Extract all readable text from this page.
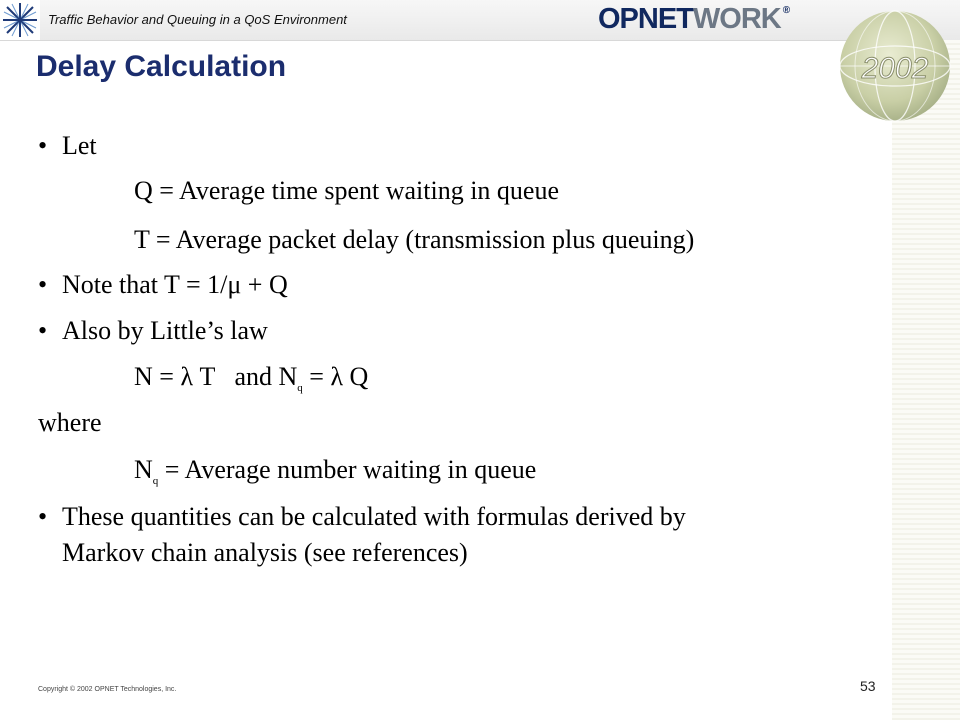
Traffic Behavior and Queuing in a QoS Environment	OPNET WORK ®
2002
Delay Calculation
• Let
Q = Average time spent waiting in queue
T = Average packet delay (transmission plus queuing)
• Note that T = 1/μ + Q
• Also by Little’s law
N = λ T   and $N_q = \lambda$ Q
where
$N_q$ = Average number waiting in queue
• These quantities can be calculated with formulas derived by
Markov chain analysis (see references)
Copyright © 2002 OPNET Technologies, Inc.	53
